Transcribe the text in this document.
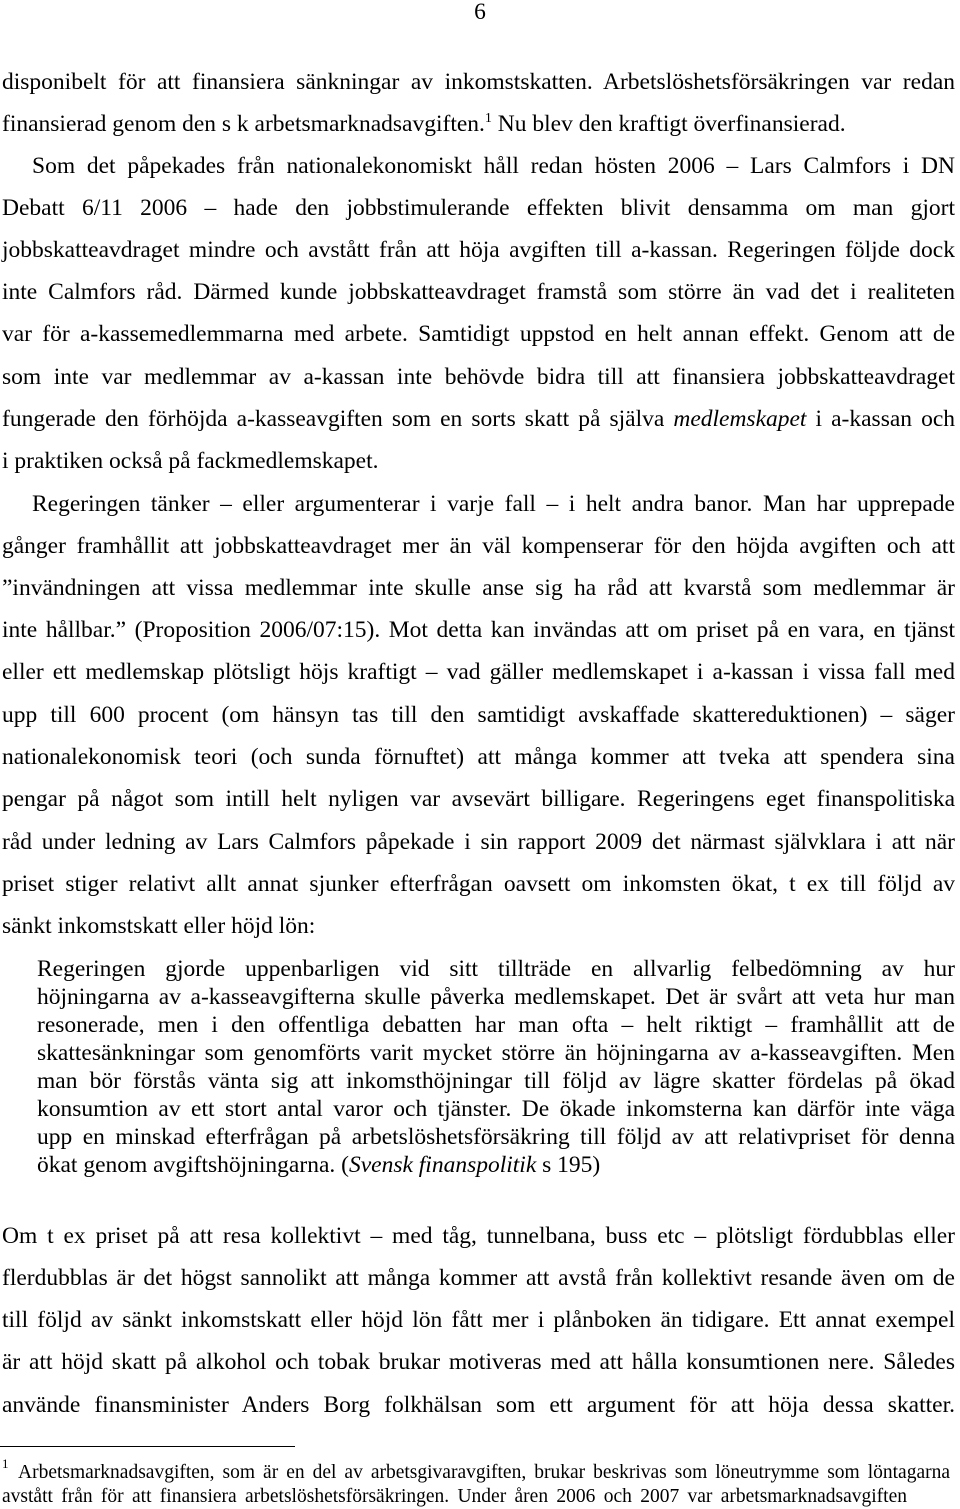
6
disponibelt för att finansiera sänkningar av inkomstskatten. Arbetslöshetsförsäkringen var redan
finansierad genom den s k arbetsmarknadsavgiften.$^1$ Nu blev den kraftigt överfinansierad.
Som det påpekades från nationalekonomiskt håll redan hösten 2006 – Lars Calmfors i DN
Debatt 6/11 2006 – hade den jobbstimulerande effekten blivit densamma om man gjort
jobbskatteavdraget mindre och avstått från att höja avgiften till a-kassan. Regeringen följde dock
inte Calmfors råd. Därmed kunde jobbskatteavdraget framstå som större än vad det i realiteten
var för a-kassemedlemmarna med arbete. Samtidigt uppstod en helt annan effekt. Genom att de
som inte var medlemmar av a-kassan inte behövde bidra till att finansiera jobbskatteavdraget
fungerade den förhöjda a-kasseavgiften som en sorts skatt på själva medlemskapet i a-kassan och
i praktiken också på fackmedlemskapet.
Regeringen tänker – eller argumenterar i varje fall – i helt andra banor. Man har upprepade
gånger framhållit att jobbskatteavdraget mer än väl kompenserar för den höjda avgiften och att
”invändningen att vissa medlemmar inte skulle anse sig ha råd att kvarstå som medlemmar är
inte hållbar.” (Proposition 2006/07:15). Mot detta kan invändas att om priset på en vara, en tjänst
eller ett medlemskap plötsligt höjs kraftigt – vad gäller medlemskapet i a-kassan i vissa fall med
upp till 600 procent (om hänsyn tas till den samtidigt avskaffade skattereduktionen) – säger
nationalekonomisk teori (och sunda förnuftet) att många kommer att tveka att spendera sina
pengar på något som intill helt nyligen var avsevärt billigare. Regeringens eget finanspolitiska
råd under ledning av Lars Calmfors påpekade i sin rapport 2009 det närmast självklara i att när
priset stiger relativt allt annat sjunker efterfrågan oavsett om inkomsten ökat, t ex till följd av
sänkt inkomstskatt eller höjd lön:
Regeringen gjorde uppenbarligen vid sitt tillträde en allvarlig felbedömning av hur
höjningarna av a-kasseavgifterna skulle påverka medlemskapet. Det är svårt att veta hur man
resonerade, men i den offentliga debatten har man ofta – helt riktigt – framhållit att de
skattesänkningar som genomförts varit mycket större än höjningarna av a-kasseavgiften. Men
man bör förstås vänta sig att inkomsthöjningar till följd av lägre skatter fördelas på ökad
konsumtion av ett stort antal varor och tjänster. De ökade inkomsterna kan därför inte väga
upp en minskad efterfrågan på arbetslöshetsförsäkring till följd av att relativpriset för denna
ökat genom avgiftshöjningarna. (Svensk finanspolitik s 195)
Om t ex priset på att resa kollektivt – med tåg, tunnelbana, buss etc – plötsligt fördubblas eller
flerdubblas är det högst sannolikt att många kommer att avstå från kollektivt resande även om de
till följd av sänkt inkomstskatt eller höjd lön fått mer i plånboken än tidigare. Ett annat exempel
är att höjd skatt på alkohol och tobak brukar motiveras med att hålla konsumtionen nere. Således
använde finansminister Anders Borg folkhälsan som ett argument för att höja dessa skatter.
1 Arbetsmarknadsavgiften, som är en del av arbetsgivaravgiften, brukar beskrivas som löneutrymme som löntagarna
avstått från för att finansiera arbetslöshetsförsäkringen. Under åren 2006 och 2007 var arbetsmarknadsavgiften
